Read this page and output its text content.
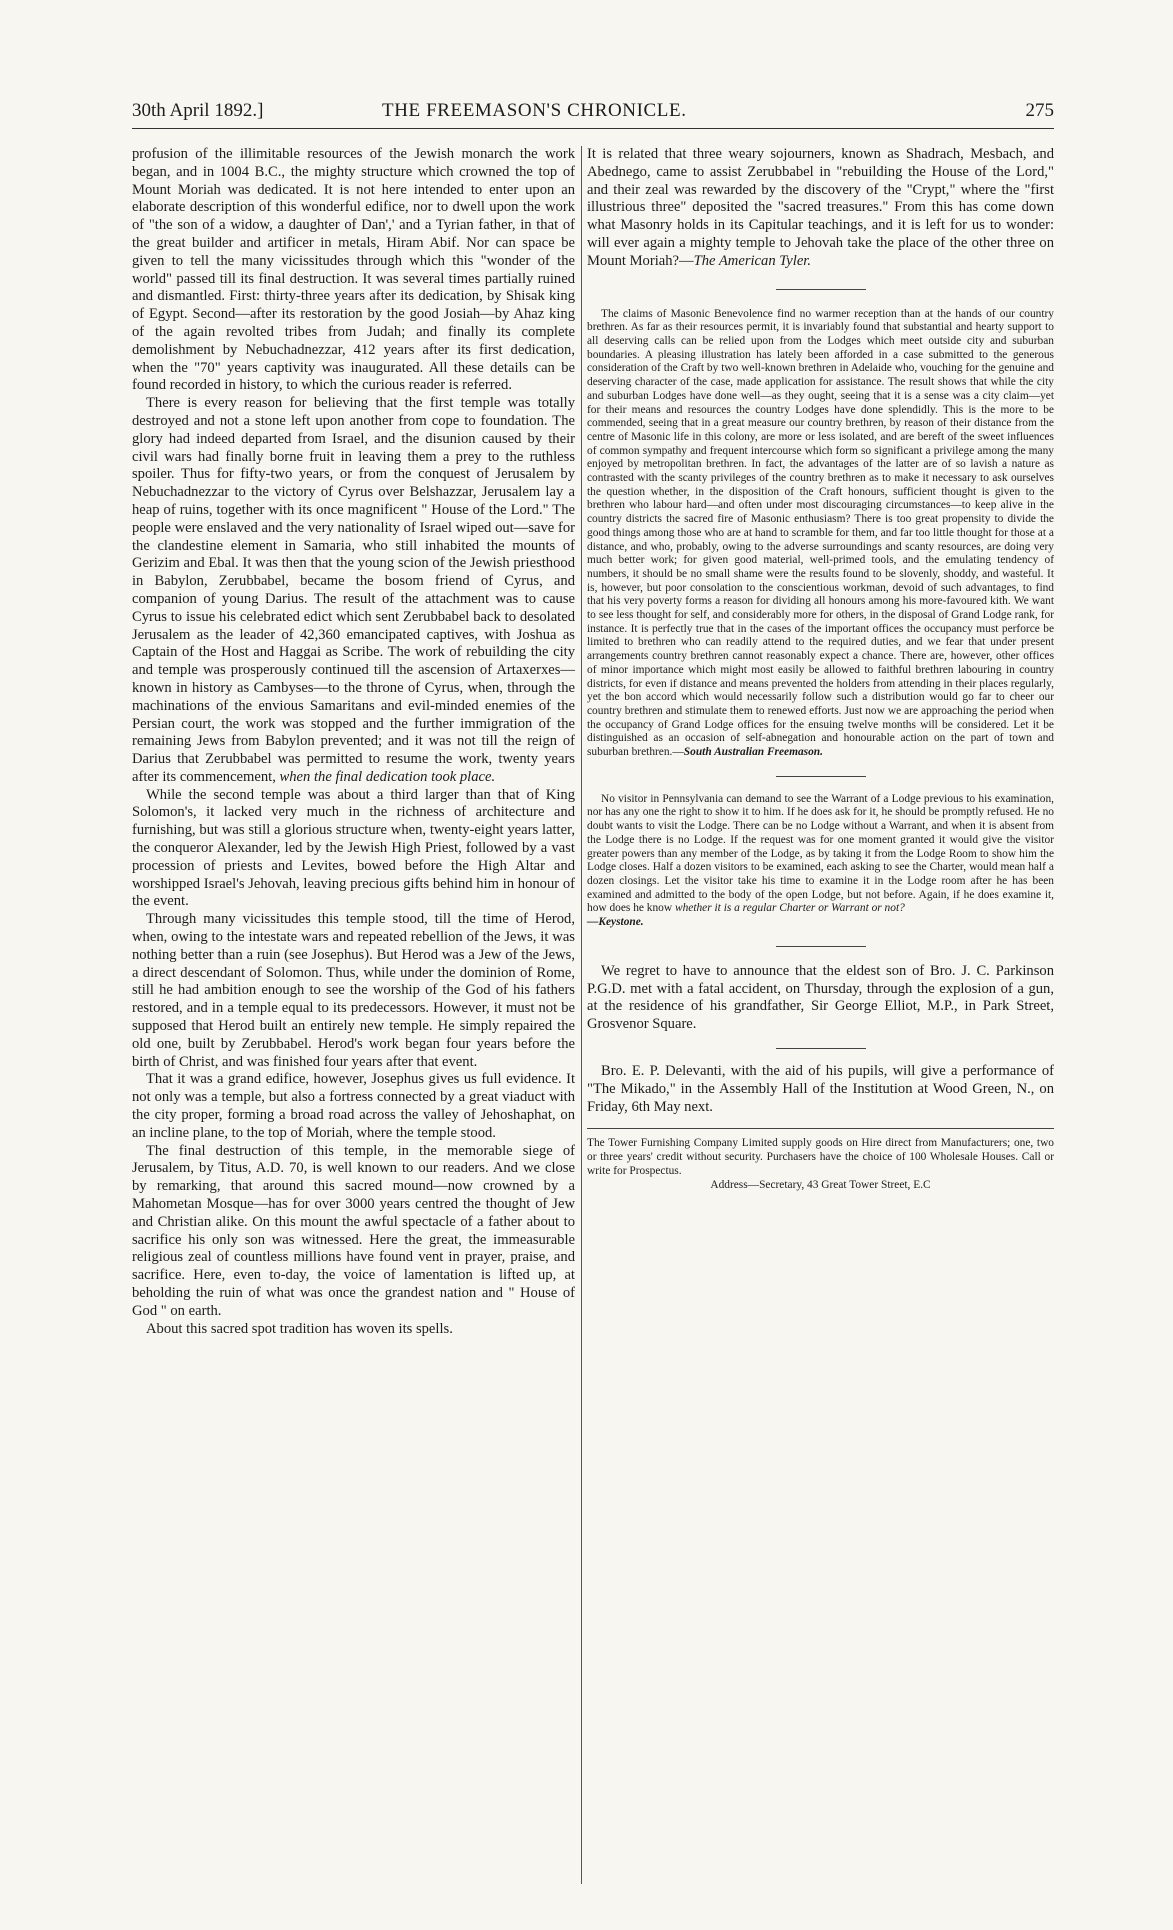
30th April 1892.]	THE FREEMASON'S CHRONICLE.	275

profusion of the illimitable resources of the Jewish monarch the work began, and in 1004 B.C., the mighty structure which crowned the top of Mount Moriah was dedicated. It is not here intended to enter upon an elaborate description of this wonderful edifice, nor to dwell upon the work of "the son of a widow, a daughter of Dan',' and a Tyrian father, in that of the great builder and artificer in metals, Hiram Abif. Nor can space be given to tell the many vicissitudes through which this "wonder of the world" passed till its final destruction. It was several times partially ruined and dismantled. First: thirty-three years after its dedication, by Shisak king of Egypt. Second—after its restoration by the good Josiah—by Ahaz king of the again revolted tribes from Judah; and finally its complete demolishment by Nebuchadnezzar, 412 years after its first dedication, when the "70" years captivity was inaugurated. All these details can be found recorded in history, to which the curious reader is referred.

There is every reason for believing that the first temple was totally destroyed and not a stone left upon another from cope to foundation. The glory had indeed departed from Israel, and the disunion caused by their civil wars had finally borne fruit in leaving them a prey to the ruthless spoiler. Thus for fifty-two years, or from the conquest of Jerusalem by Nebuchadnezzar to the victory of Cyrus over Belshazzar, Jerusalem lay a heap of ruins, together with its once magnificent " House of the Lord." The people were enslaved and the very nationality of Israel wiped out—save for the clandestine element in Samaria, who still inhabited the mounts of Gerizim and Ebal. It was then that the young scion of the Jewish priesthood in Babylon, Zerubbabel, became the bosom friend of Cyrus, and companion of young Darius. The result of the attachment was to cause Cyrus to issue his celebrated edict which sent Zerubbabel back to desolated Jerusalem as the leader of 42,360 emancipated captives, with Joshua as Captain of the Host and Haggai as Scribe. The work of rebuilding the city and temple was prosperously continued till the ascension of Artaxerxes—known in history as Cambyses—to the throne of Cyrus, when, through the machinations of the envious Samaritans and evil-minded enemies of the Persian court, the work was stopped and the further immigration of the remaining Jews from Babylon prevented; and it was not till the reign of Darius that Zerubbabel was permitted to resume the work, twenty years after its commencement, when the final dedication took place.

While the second temple was about a third larger than that of King Solomon's, it lacked very much in the richness of architecture and furnishing, but was still a glorious structure when, twenty-eight years latter, the conqueror Alexander, led by the Jewish High Priest, followed by a vast procession of priests and Levites, bowed before the High Altar and worshipped Israel's Jehovah, leaving precious gifts behind him in honour of the event.

Through many vicissitudes this temple stood, till the time of Herod, when, owing to the intestate wars and repeated rebellion of the Jews, it was nothing better than a ruin (see Josephus). But Herod was a Jew of the Jews, a direct descendant of Solomon. Thus, while under the dominion of Rome, still he had ambition enough to see the worship of the God of his fathers restored, and in a temple equal to its predecessors. However, it must not be supposed that Herod built an entirely new temple. He simply repaired the old one, built by Zerubbabel. Herod's work began four years before the birth of Christ, and was finished four years after that event.

That it was a grand edifice, however, Josephus gives us full evidence. It not only was a temple, but also a fortress connected by a great viaduct with the city proper, forming a broad road across the valley of Jehoshaphat, on an incline plane, to the top of Moriah, where the temple stood.

The final destruction of this temple, in the memorable siege of Jerusalem, by Titus, A.D. 70, is well known to our readers. And we close by remarking, that around this sacred mound—now crowned by a Mahometan Mosque—has for over 3000 years centred the thought of Jew and Christian alike. On this mount the awful spectacle of a father about to sacrifice his only son was witnessed. Here the great, the immeasurable religious zeal of countless millions have found vent in prayer, praise, and sacrifice. Here, even to-day, the voice of lamentation is lifted up, at beholding the ruin of what was once the grandest nation and " House of God " on earth.

About this sacred spot tradition has woven its spells.

It is related that three weary sojourners, known as Shadrach, Mesbach, and Abednego, came to assist Zerubbabel in "rebuilding the House of the Lord," and their zeal was rewarded by the discovery of the "Crypt," where the "first illustrious three" deposited the "sacred treasures." From this has come down what Masonry holds in its Capitular teachings, and it is left for us to wonder: will ever again a mighty temple to Jehovah take the place of the other three on Mount Moriah?—The American Tyler.

The claims of Masonic Benevolence find no warmer reception than at the hands of our country brethren. As far as their resources permit, it is invariably found that substantial and hearty support to all deserving calls can be relied upon from the Lodges which meet outside city and suburban boundaries. A pleasing illustration has lately been afforded in a case submitted to the generous consideration of the Craft by two well-known brethren in Adelaide who, vouching for the genuine and deserving character of the case, made application for assistance. The result shows that while the city and suburban Lodges have done well—as they ought, seeing that it is a sense was a city claim—yet for their means and resources the country Lodges have done splendidly. This is the more to be commended, seeing that in a great measure our country brethren, by reason of their distance from the centre of Masonic life in this colony, are more or less isolated, and are bereft of the sweet influences of common sympathy and frequent intercourse which form so significant a privilege among the many enjoyed by metropolitan brethren. In fact, the advantages of the latter are of so lavish a nature as contrasted with the scanty privileges of the country brethren as to make it necessary to ask ourselves the question whether, in the disposition of the Craft honours, sufficient thought is given to the brethren who labour hard—and often under most discouraging circumstances—to keep alive in the country districts the sacred fire of Masonic enthusiasm? There is too great propensity to divide the good things among those who are at hand to scramble for them, and far too little thought for those at a distance, and who, probably, owing to the adverse surroundings and scanty resources, are doing very much better work; for given good material, well-primed tools, and the emulating tendency of numbers, it should be no small shame were the results found to be slovenly, shoddy, and wasteful. It is, however, but poor consolation to the conscientious workman, devoid of such advantages, to find that his very poverty forms a reason for dividing all honours among his more-favoured kith. We want to see less thought for self, and considerably more for others, in the disposal of Grand Lodge rank, for instance. It is perfectly true that in the cases of the important offices the occupancy must perforce be limited to brethren who can readily attend to the required duties, and we fear that under present arrangements country brethren cannot reasonably expect a chance. There are, however, other offices of minor importance which might most easily be allowed to faithful brethren labouring in country districts, for even if distance and means prevented the holders from attending in their places regularly, yet the bon accord which would necessarily follow such a distribution would go far to cheer our country brethren and stimulate them to renewed efforts. Just now we are approaching the period when the occupancy of Grand Lodge offices for the ensuing twelve months will be considered. Let it be distinguished as an occasion of self-abnegation and honourable action on the part of town and suburban brethren.—South Australian Freemason.

No visitor in Pennsylvania can demand to see the Warrant of a Lodge previous to his examination, nor has any one the right to show it to him. If he does ask for it, he should be promptly refused. He no doubt wants to visit the Lodge. There can be no Lodge without a Warrant, and when it is absent from the Lodge there is no Lodge. If the request was for one moment granted it would give the visitor greater powers than any member of the Lodge, as by taking it from the Lodge Room to show him the Lodge closes. Half a dozen visitors to be examined, each asking to see the Charter, would mean half a dozen closings. Let the visitor take his time to examine it in the Lodge room after he has been examined and admitted to the body of the open Lodge, but not before. Again, if he does examine it, how does he know whether it is a regular Charter or Warrant or not?
—Keystone.

We regret to have to announce that the eldest son of Bro. J. C. Parkinson P.G.D. met with a fatal accident, on Thursday, through the explosion of a gun, at the residence of his grandfather, Sir George Elliot, M.P., in Park Street, Grosvenor Square.

Bro. E. P. Delevanti, with the aid of his pupils, will give a performance of "The Mikado," in the Assembly Hall of the Institution at Wood Green, N., on Friday, 6th May next.

The Tower Furnishing Company Limited supply goods on Hire direct from Manufacturers; one, two or three years' credit without security. Purchasers have the choice of 100 Wholesale Houses. Call or write for Prospectus.

Address—Secretary, 43 Great Tower Street, E.C
